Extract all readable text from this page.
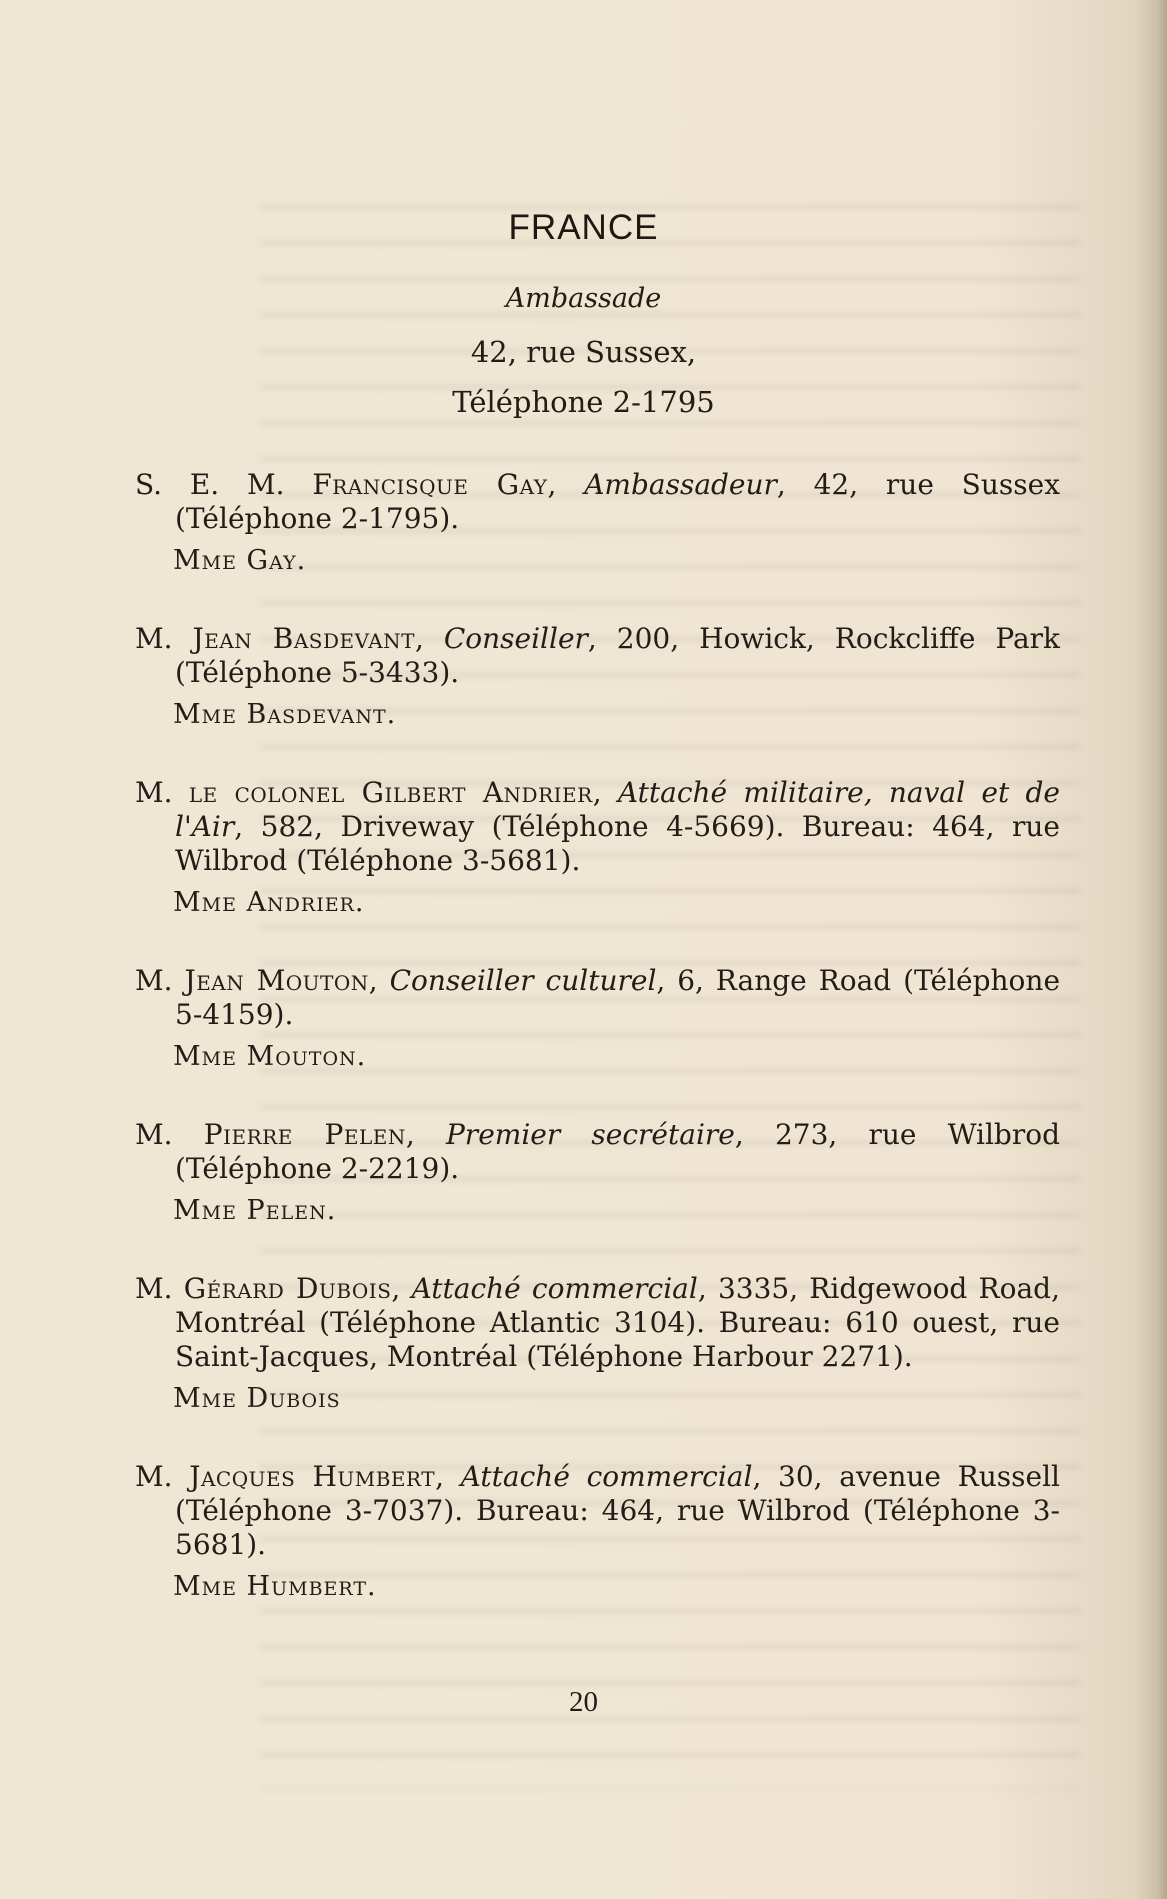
FRANCE
Ambassade
42, rue Sussex,
Téléphone 2-1795
S. E. M. Francisque Gay, Ambassadeur, 42, rue Sussex (Téléphone 2-1795).
Mme Gay.
M. Jean Basdevant, Conseiller, 200, Howick, Rockcliffe Park (Téléphone 5-3433).
Mme Basdevant.
M. le colonel Gilbert Andrier, Attaché militaire, naval et de l'Air, 582, Driveway (Téléphone 4-5669). Bureau: 464, rue Wilbrod (Téléphone 3-5681).
Mme Andrier.
M. Jean Mouton, Conseiller culturel, 6, Range Road (Téléphone 5-4159).
Mme Mouton.
M. Pierre Pelen, Premier secrétaire, 273, rue Wilbrod (Téléphone 2-2219).
Mme Pelen.
M. Gérard Dubois, Attaché commercial, 3335, Ridgewood Road, Montréal (Téléphone Atlantic 3104). Bureau: 610 ouest, rue Saint-Jacques, Montréal (Téléphone Harbour 2271).
Mme Dubois
M. Jacques Humbert, Attaché commercial, 30, avenue Russell (Téléphone 3-7037). Bureau: 464, rue Wilbrod (Téléphone 3-5681).
Mme Humbert.
20
